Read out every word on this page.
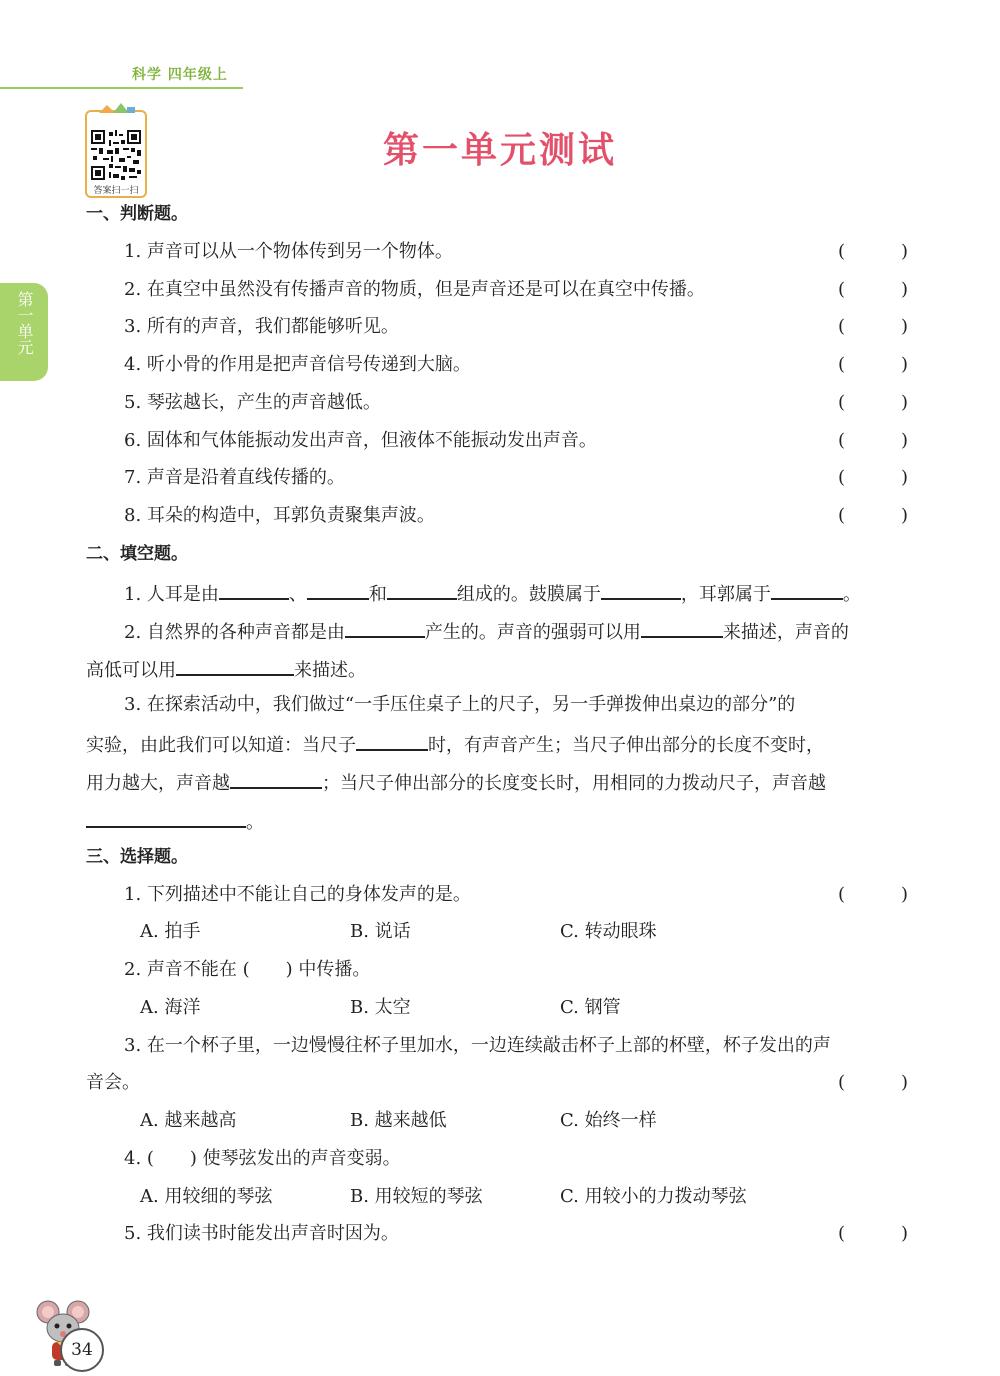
科学 四年级上
第一单元
答案扫一扫
第一单元测试
一、判断题。
1. 声音可以从一个物体传到另一个物体。	(	)
2. 在真空中虽然没有传播声音的物质，但是声音还是可以在真空中传播。	(	)
3. 所有的声音，我们都能够听见。	(	)
4. 听小骨的作用是把声音信号传递到大脑。	(	)
5. 琴弦越长，产生的声音越低。	(	)
6. 固体和气体能振动发出声音，但液体不能振动发出声音。	(	)
7. 声音是沿着直线传播的。	(	)
8. 耳朵的构造中，耳郭负责聚集声波。	(	)
二、填空题。
1. 人耳是由	、	和	组成的。鼓膜属于	，耳郭属于	。
2. 自然界的各种声音都是由	产生的。声音的强弱可以用	来描述，声音的
高低可以用	来描述。
3. 在探索活动中，我们做过“一手压住桌子上的尺子，另一手弹拨伸出桌边的部分”的
实验，由此我们可以知道：当尺子	时，有声音产生；当尺子伸出部分的长度不变时，
用力越大，声音越	；当尺子伸出部分的长度变长时，用相同的力拨动尺子，声音越
。
三、选择题。
1. 下列描述中不能让自己的身体发声的是。	(	)
A. 拍手	B. 说话	C. 转动眼珠
2. 声音不能在 (　　) 中传播。
A. 海洋	B. 太空	C. 钢管
3. 在一个杯子里，一边慢慢往杯子里加水，一边连续敲击杯子上部的杯壁，杯子发出的声
音会。	(	)
A. 越来越高	B. 越来越低	C. 始终一样
4. (　　) 使琴弦发出的声音变弱。
A. 用较细的琴弦	B. 用较短的琴弦	C. 用较小的力拨动琴弦
5. 我们读书时能发出声音时因为。	(	)
34
